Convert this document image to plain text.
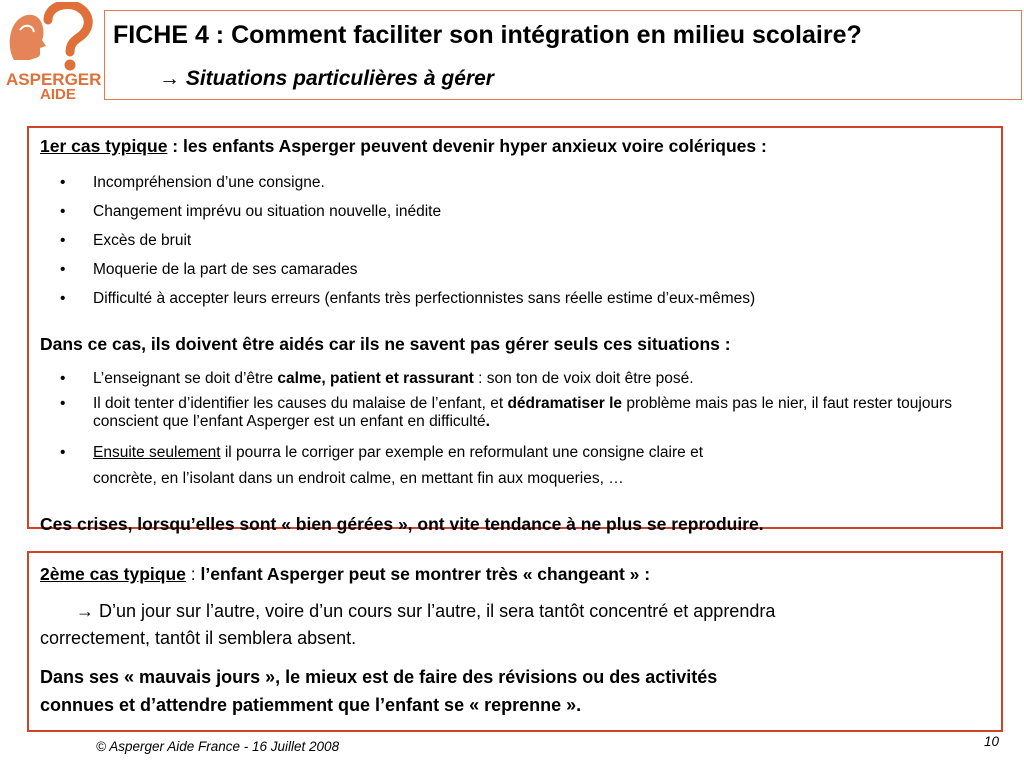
ASPERGER
AIDE
FICHE 4 : Comment faciliter son intégration en milieu scolaire?
→ Situations particulières à gérer
1er cas typique : les enfants Asperger peuvent devenir hyper anxieux voire colériques :
• Incompréhension d’une consigne.
• Changement imprévu ou situation nouvelle, inédite
• Excès de bruit
• Moquerie de la part de ses camarades
• Difficulté à accepter leurs erreurs (enfants très perfectionnistes sans réelle estime d’eux-mêmes)
Dans ce cas, ils doivent être aidés car ils ne savent pas gérer seuls ces situations :
• L’enseignant se doit d’être calme, patient et rassurant : son ton de voix doit être posé.
• Il doit tenter d’identifier les causes du malaise de l’enfant, et dédramatiser le problème mais pas le nier, il faut rester toujours conscient que l’enfant Asperger est un enfant en difficulté.
• Ensuite seulement il pourra le corriger par exemple en reformulant une consigne claire et
concrète, en l’isolant dans un endroit calme, en mettant fin aux moqueries, …
Ces crises, lorsqu’elles sont « bien gérées », ont vite tendance à ne plus se reproduire.
2ème cas typique : l’enfant Asperger peut se montrer très « changeant » :
→ D’un jour sur l’autre, voire d’un cours sur l’autre, il sera tantôt concentré et apprendra
correctement, tantôt il semblera absent.
Dans ses « mauvais jours », le mieux est de faire des révisions ou des activités
connues et d’attendre patiemment que l’enfant se « reprenne ».
© Asperger Aide France - 16 Juillet 2008	10
